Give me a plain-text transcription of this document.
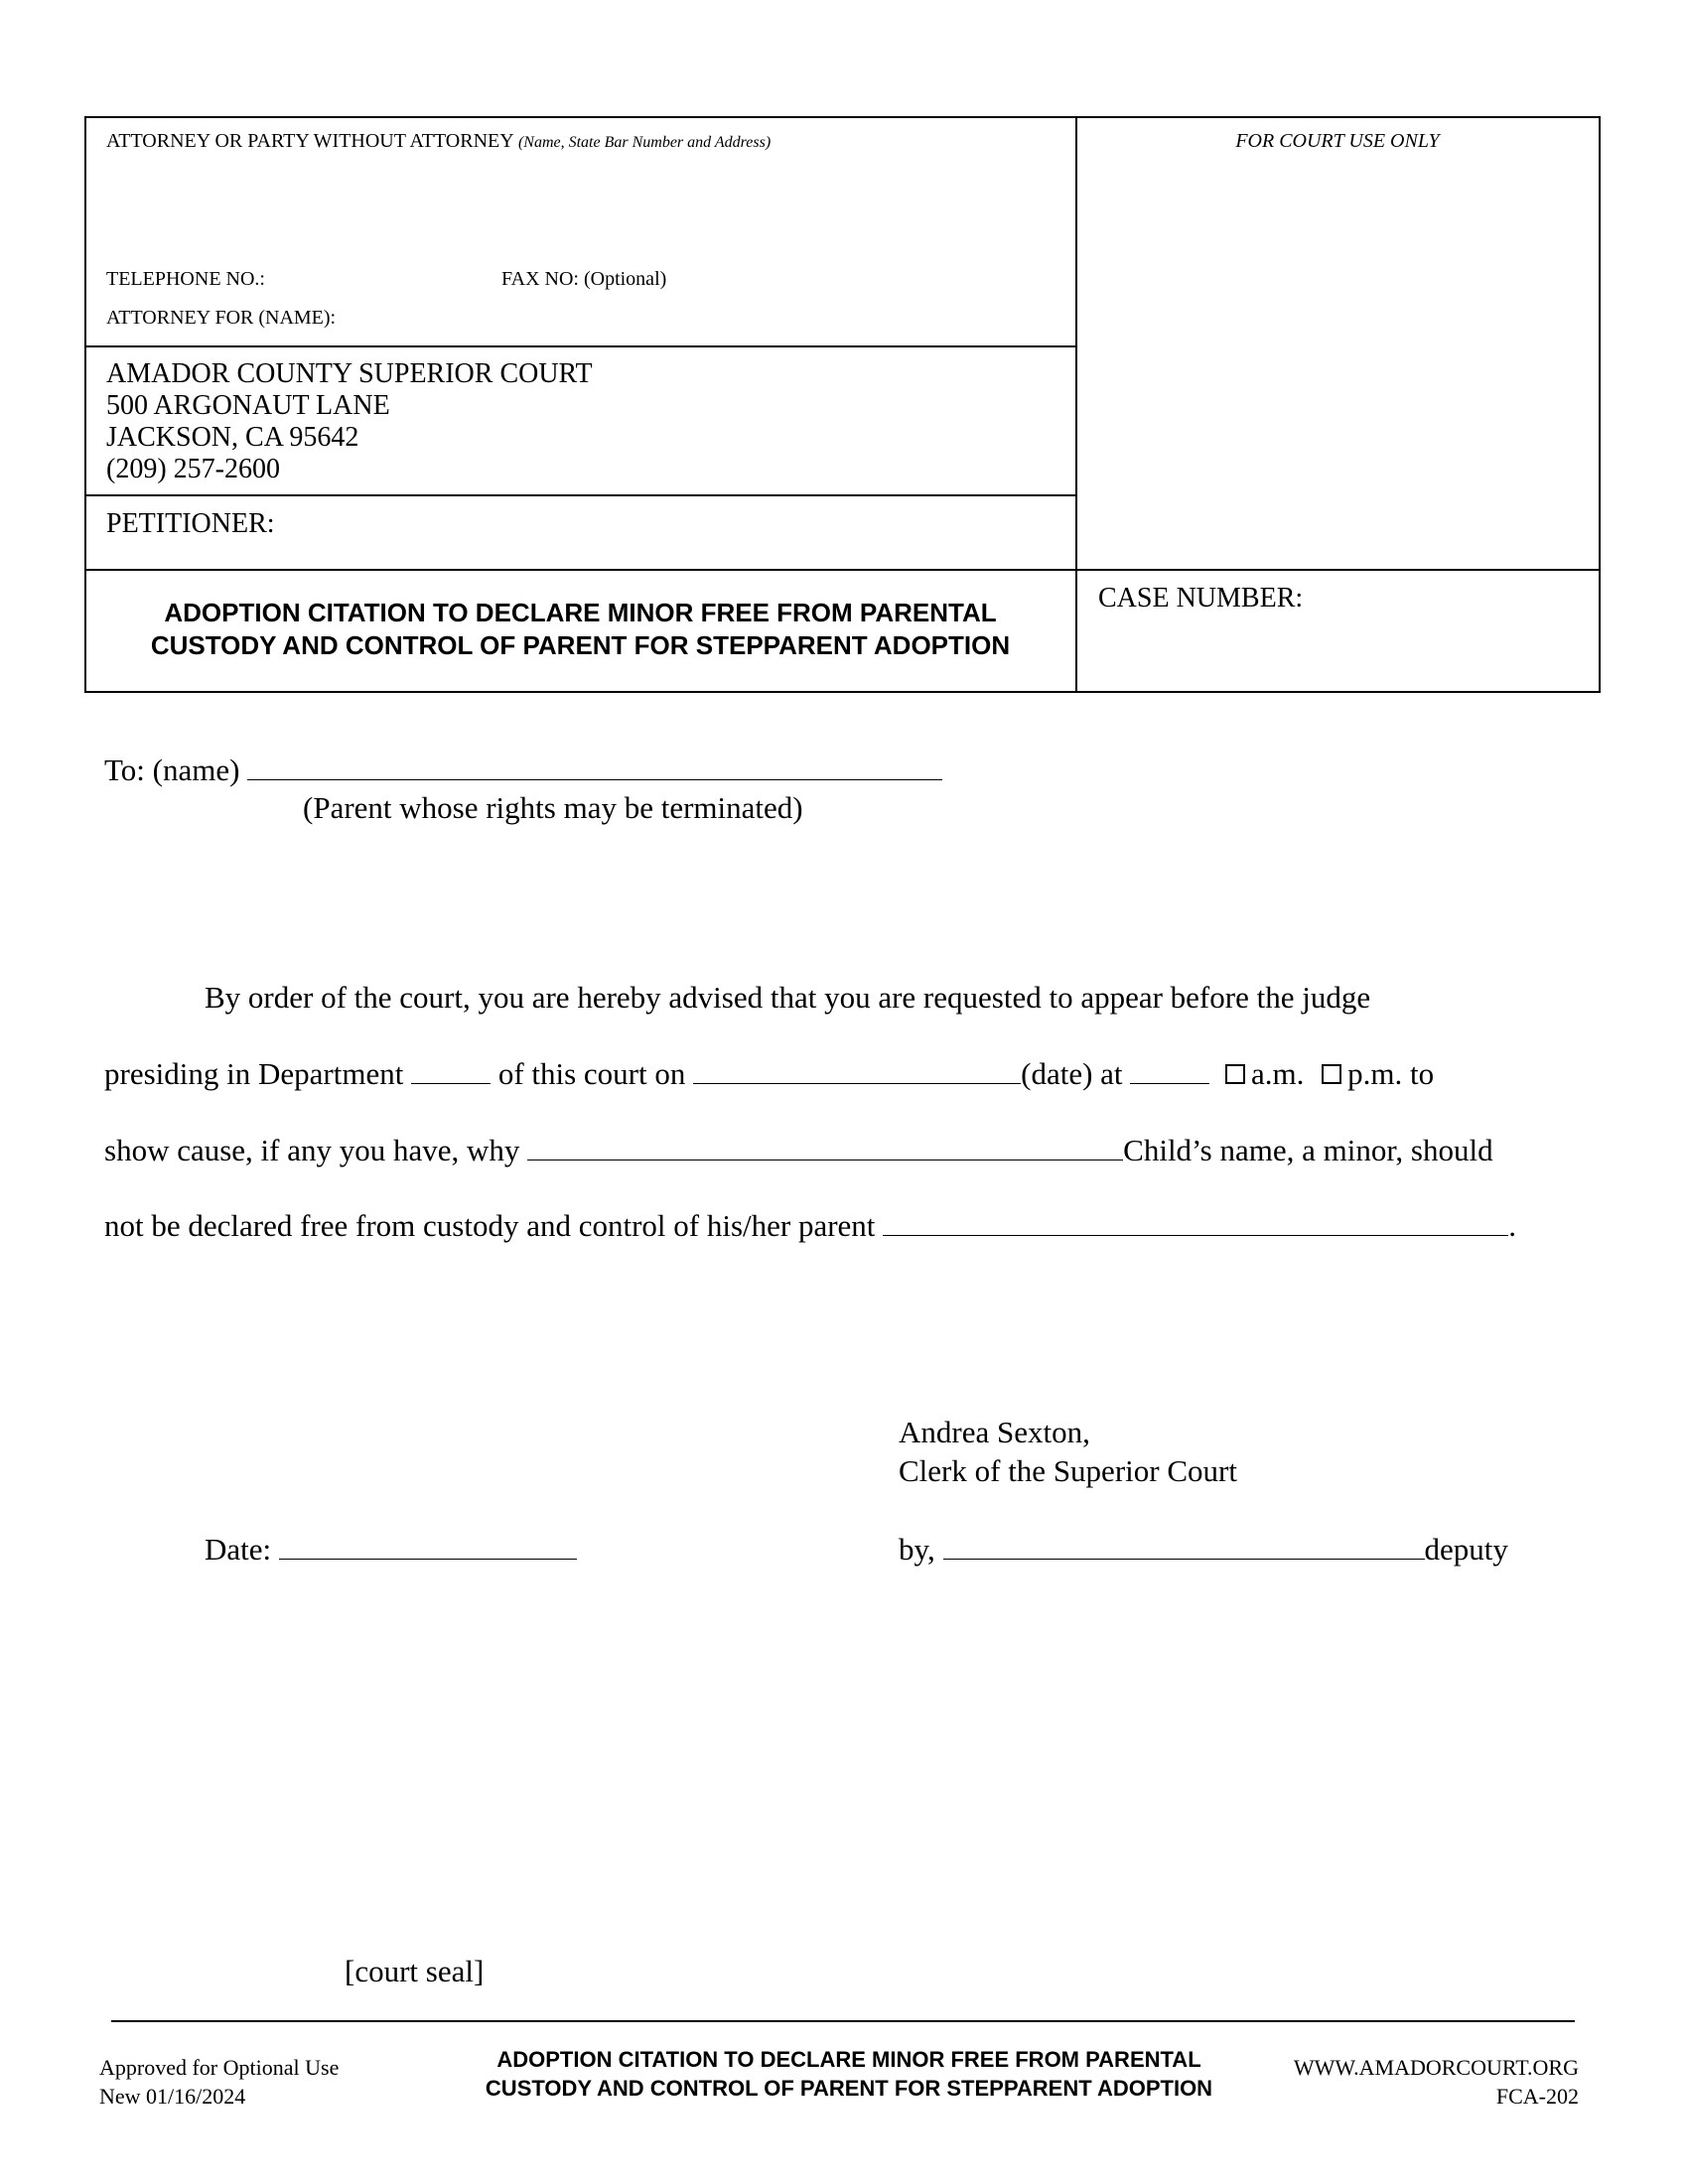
ATTORNEY OR PARTY WITHOUT ATTORNEY (Name, State Bar Number and Address)	FOR COURT USE ONLY
TELEPHONE NO.:	FAX NO: (Optional)
ATTORNEY FOR (NAME):
AMADOR COUNTY SUPERIOR COURT
500 ARGONAUT LANE
JACKSON, CA 95642
(209) 257-2600
PETITIONER:
ADOPTION CITATION TO DECLARE MINOR FREE FROM PARENTAL
CUSTODY AND CONTROL OF PARENT FOR STEPPARENT ADOPTION
CASE NUMBER:
To: (name)
(Parent whose rights may be terminated)
By order of the court, you are hereby advised that you are requested to appear before the judge
presiding in Department	of this court on	(date) at	a.m. p.m. to
show cause, if any you have, why	Child’s name, a minor, should
not be declared free from custody and control of his/her parent	.
Andrea Sexton,
Clerk of the Superior Court
Date:	by,	deputy
[court seal]
Approved for Optional Use
New 01/16/2024
ADOPTION CITATION TO DECLARE MINOR FREE FROM PARENTAL
CUSTODY AND CONTROL OF PARENT FOR STEPPARENT ADOPTION
WWW.AMADORCOURT.ORG
FCA-202
